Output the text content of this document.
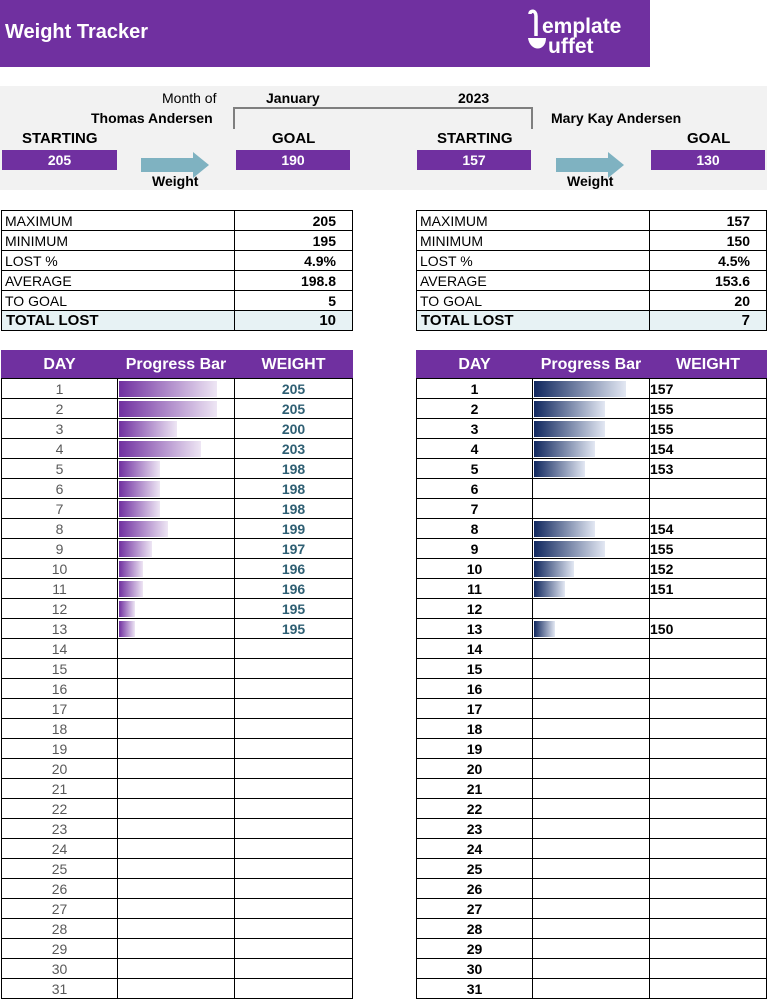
Weight Tracker	emplate
uffet
Month of	January	2023
Thomas Andersen
STARTING
205
Weight
GOAL
190
Mary Kay Andersen
STARTING
157
Weight
GOAL
130
MAXIMUM	205
MINIMUM	195
LOST %	4.9%
AVERAGE	198.8
TO GOAL	5
TOTAL LOST	10
MAXIMUM	157
MINIMUM	150
LOST %	4.5%
AVERAGE	153.6
TO GOAL	20
TOTAL LOST	7
DAY	Progress Bar	WEIGHT
1		205
2		205
3		200
4		203
5		198
6		198
7		198
8		199
9		197
10		196
11		196
12		195
13		195
14		
15		
16		
17		
18		
19		
20		
21		
22		
23		
24		
25		
26		
27		
28		
29		
30		
31		
DAY	Progress Bar	WEIGHT
1		157
2		155
3		155
4		154
5		153
6		
7		
8		154
9		155
10		152
11		151
12		
13		150
14		
15		
16		
17		
18		
19		
20		
21		
22		
23		
24		
25		
26		
27		
28		
29		
30		
31		
